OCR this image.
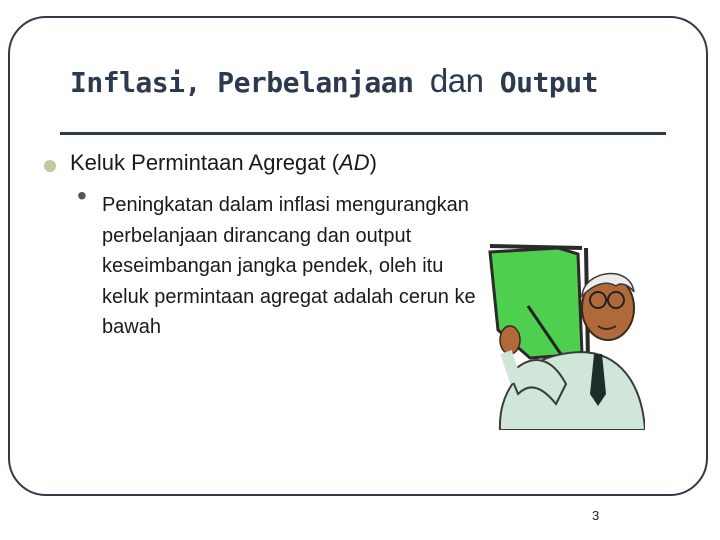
Inflasi, Perbelanjaan dan Output
Keluk Permintaan Agregat (AD)
• Peningkatan dalam inflasi mengurangkan perbelanjaan dirancang dan output keseimbangan jangka pendek, oleh itu keluk permintaan agregat adalah cerun ke bawah
3
